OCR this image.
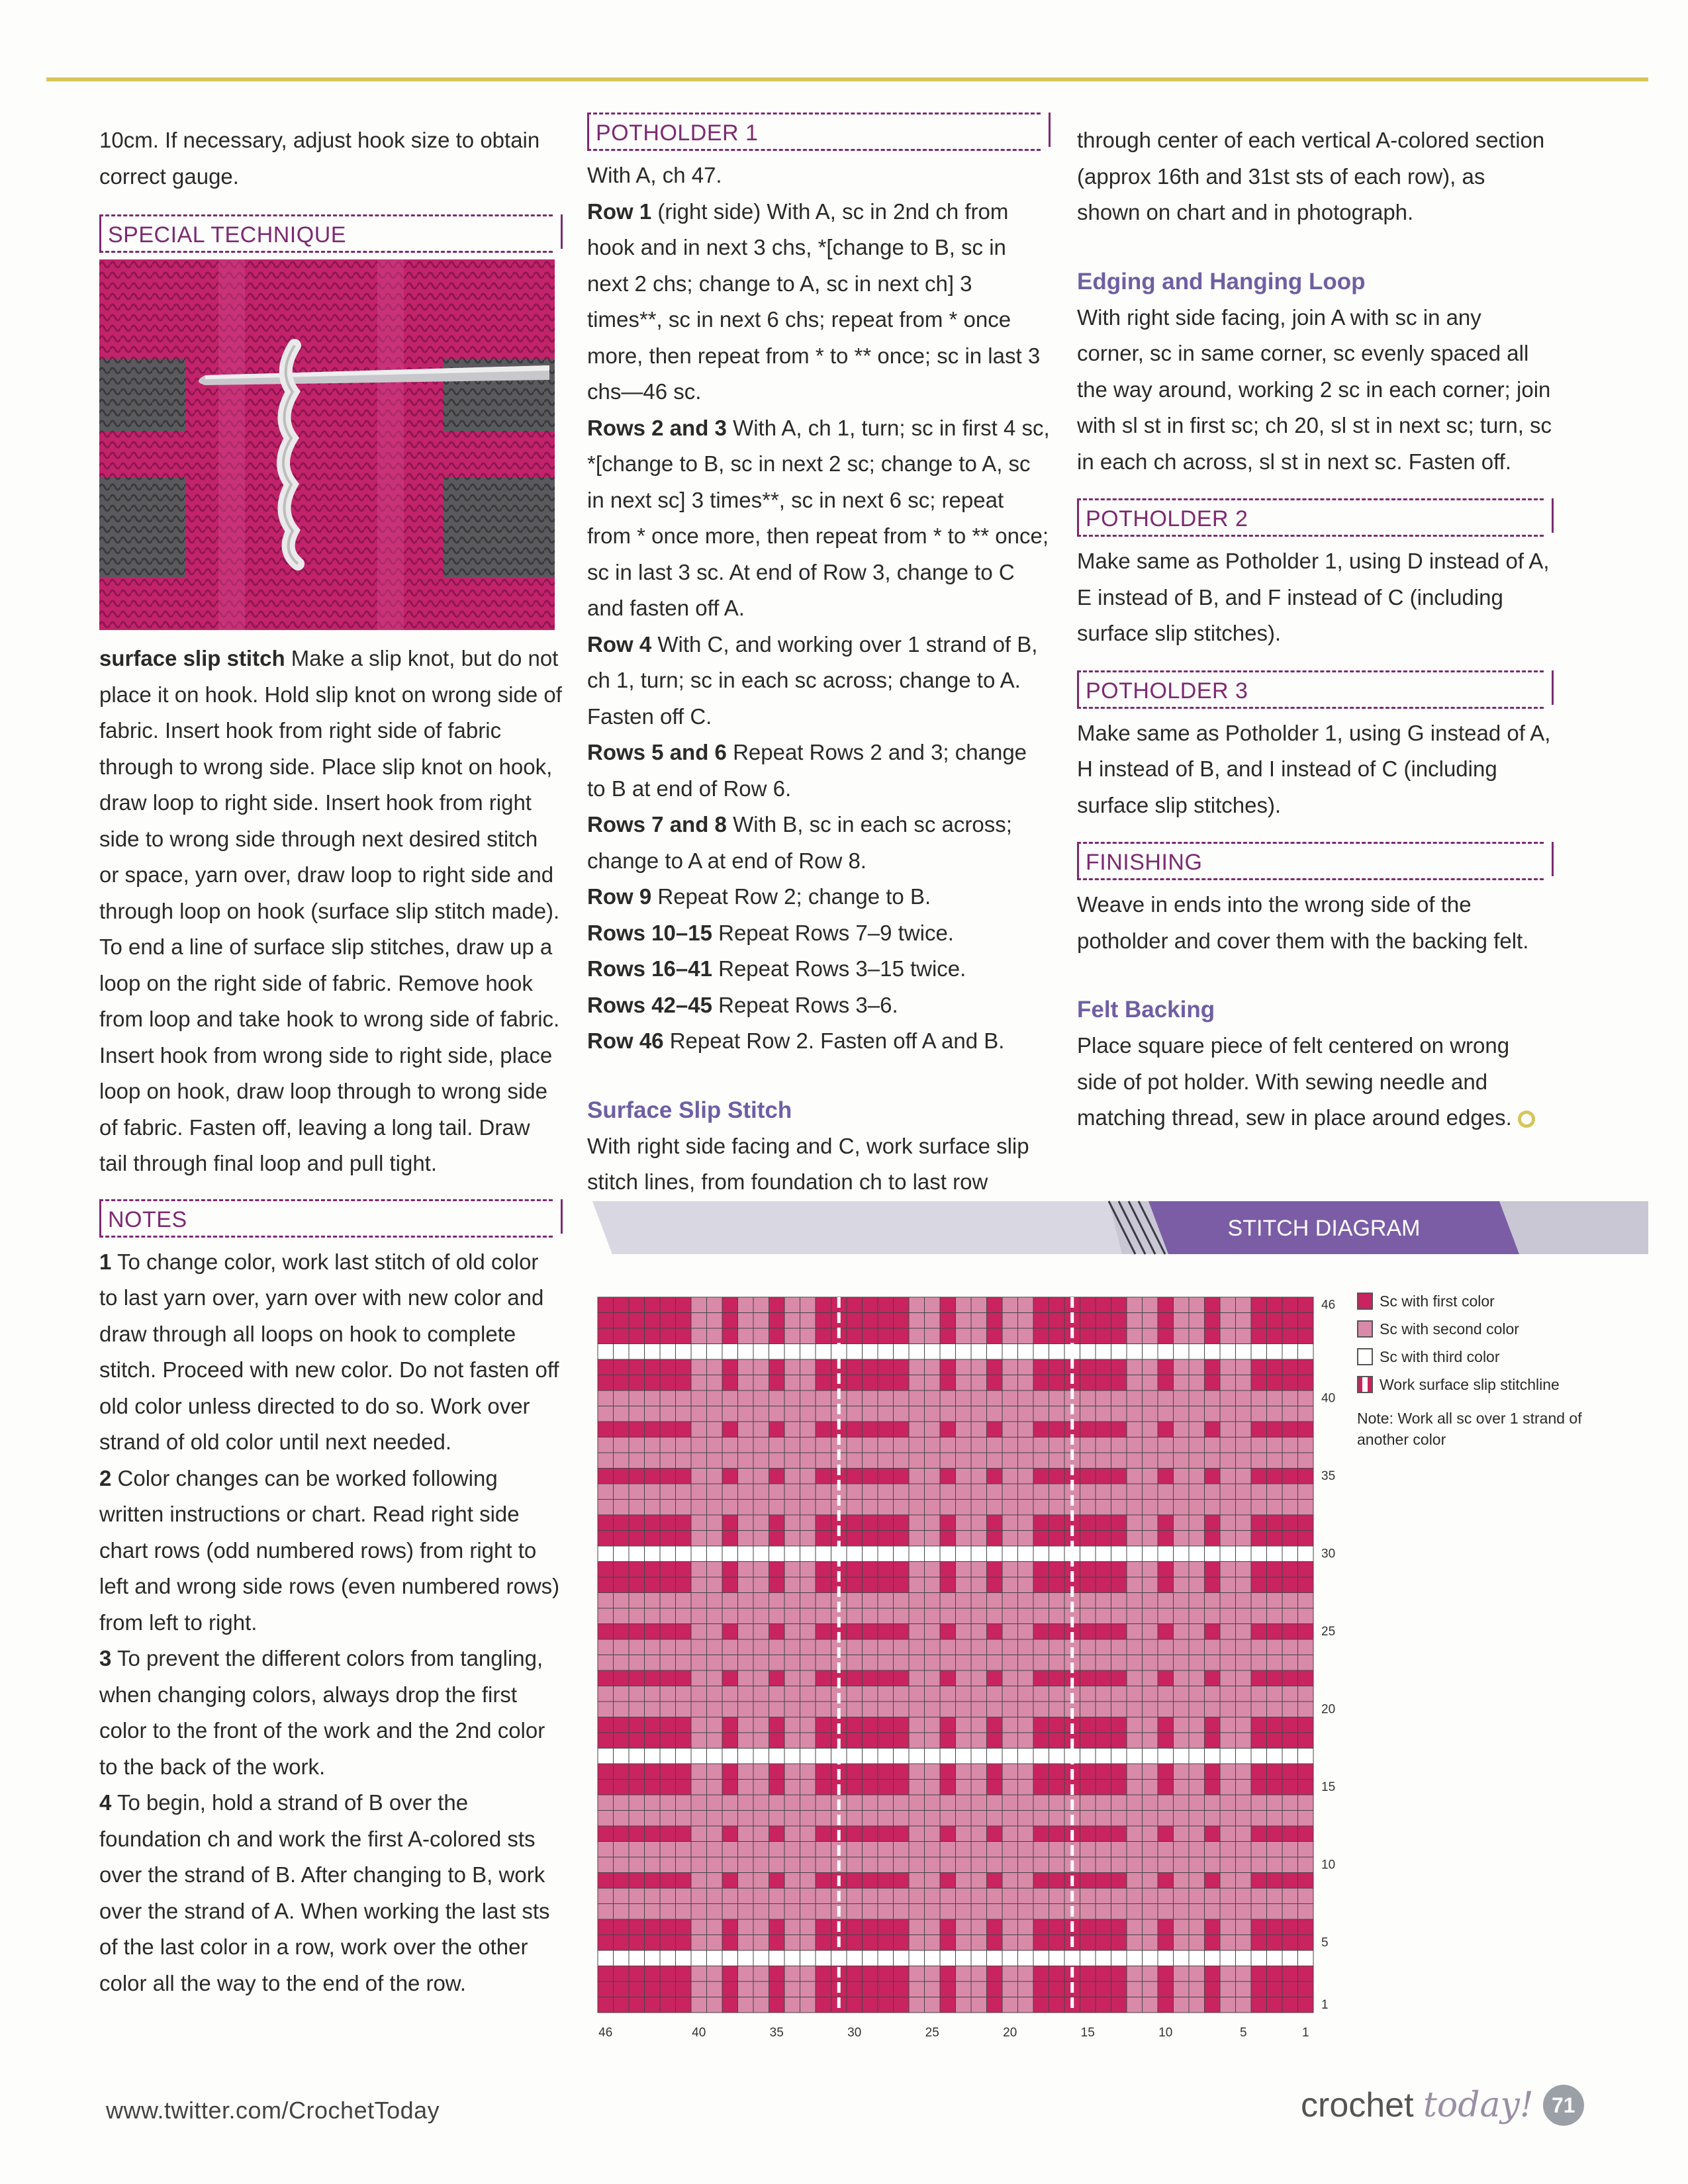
10cm. If necessary, adjust hook size to obtain correct gauge.

SPECIAL TECHNIQUE

surface slip stitch Make a slip knot, but do not place it on hook. Hold slip knot on wrong side of fabric. Insert hook from right side of fabric through to wrong side. Place slip knot on hook, draw loop to right side. Insert hook from right side to wrong side through next desired stitch or space, yarn over, draw loop to right side and through loop on hook (surface slip stitch made). To end a line of surface slip stitches, draw up a loop on the right side of fabric. Remove hook from loop and take hook to wrong side of fabric. Insert hook from wrong side to right side, place loop on hook, draw loop through to wrong side of fabric. Fasten off, leaving a long tail. Draw tail through final loop and pull tight.

NOTES

1 To change color, work last stitch of old color to last yarn over, yarn over with new color and draw through all loops on hook to complete stitch. Proceed with new color. Do not fasten off old color unless directed to do so. Work over strand of old color until next needed.

2 Color changes can be worked following written instructions or chart. Read right side chart rows (odd numbered rows) from right to left and wrong side rows (even numbered rows) from left to right.

3 To prevent the different colors from tangling, when changing colors, always drop the first color to the front of the work and the 2nd color to the back of the work.

4 To begin, hold a strand of B over the foundation ch and work the first A-colored sts over the strand of B. After changing to B, work over the strand of A. When working the last sts of the last color in a row, work over the other color all the way to the end of the row.

POTHOLDER 1

With A, ch 47.

Row 1 (right side) With A, sc in 2nd ch from hook and in next 3 chs, *[change to B, sc in next 2 chs; change to A, sc in next ch] 3 times**, sc in next 6 chs; repeat from * once more, then repeat from * to ** once; sc in last 3 chs—46 sc.

Rows 2 and 3 With A, ch 1, turn; sc in first 4 sc, *[change to B, sc in next 2 sc; change to A, sc in next sc] 3 times**, sc in next 6 sc; repeat from * once more, then repeat from * to ** once; sc in last 3 sc. At end of Row 3, change to C and fasten off A.

Row 4 With C, and working over 1 strand of B, ch 1, turn; sc in each sc across; change to A. Fasten off C.

Rows 5 and 6 Repeat Rows 2 and 3; change to B at end of Row 6.

Rows 7 and 8 With B, sc in each sc across; change to A at end of Row 8.

Row 9 Repeat Row 2; change to B.

Rows 10–15 Repeat Rows 7–9 twice.

Rows 16–41 Repeat Rows 3–15 twice.

Rows 42–45 Repeat Rows 3–6.

Row 46 Repeat Row 2. Fasten off A and B.

Surface Slip Stitch

With right side facing and C, work surface slip stitch lines, from foundation ch to last row

through center of each vertical A-colored section (approx 16th and 31st sts of each row), as shown on chart and in photograph.

Edging and Hanging Loop

With right side facing, join A with sc in any corner, sc in same corner, sc evenly spaced all the way around, working 2 sc in each corner; join with sl st in first sc; ch 20, sl st in next sc; turn, sc in each ch across, sl st in next sc. Fasten off.

POTHOLDER 2

Make same as Potholder 1, using D instead of A, E instead of B, and F instead of C (including surface slip stitches).

POTHOLDER 3

Make same as Potholder 1, using G instead of A, H instead of B, and I instead of C (including surface slip stitches).

FINISHING

Weave in ends into the wrong side of the potholder and cover them with the backing felt.

Felt Backing

Place square piece of felt centered on wrong side of pot holder. With sewing needle and matching thread, sew in place around edges.

STITCH DIAGRAM
46
40
35
30
25
20
15
10
5
1
46	40	35	30	25	20	15	10	5	1
Sc with first color
Sc with second color
Sc with third color
Work surface slip stitchline
Note: Work all sc over 1 strand of another color
www.twitter.com/CrochetToday	crochet today! 71
